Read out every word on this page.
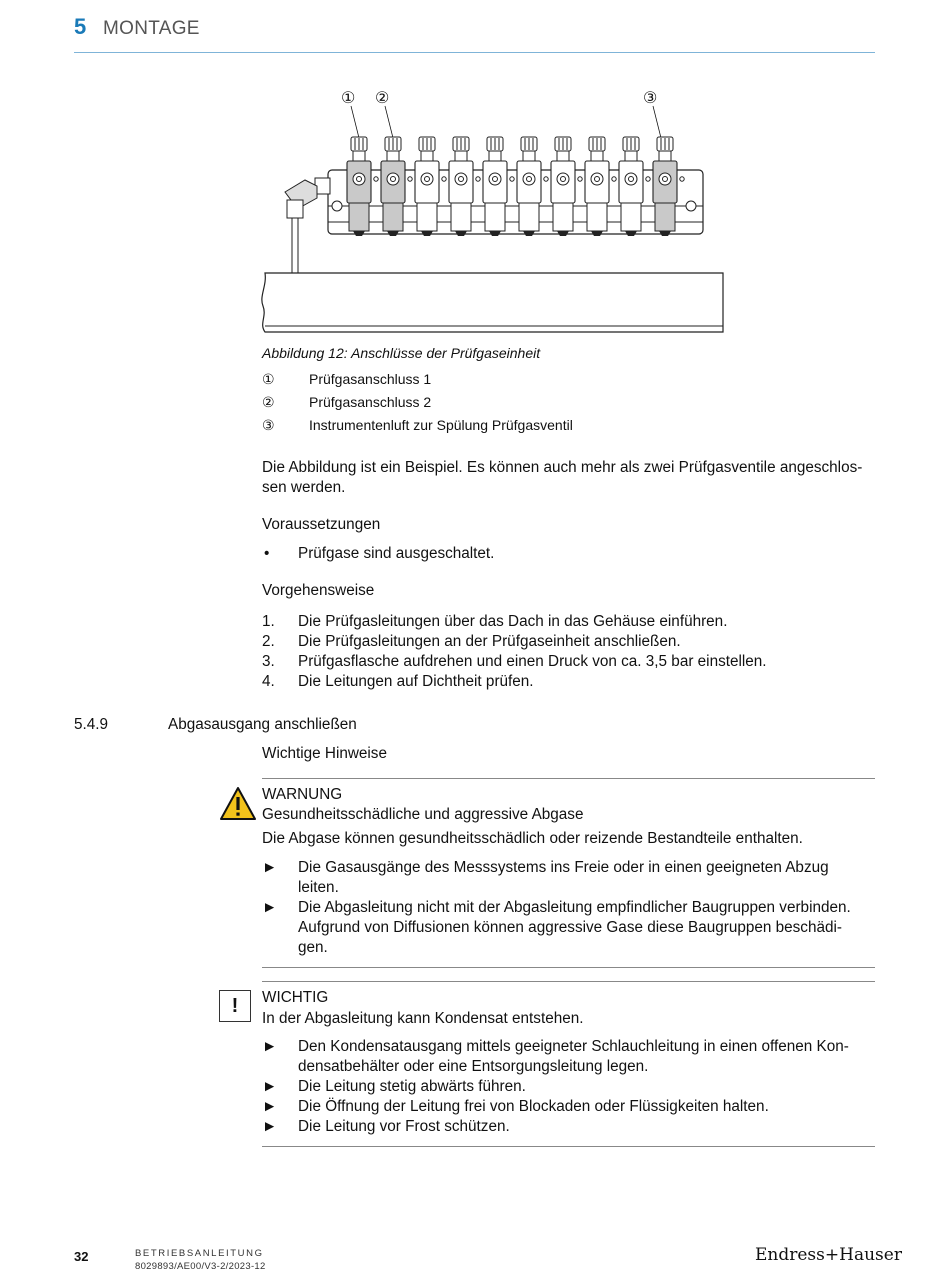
5 MONTAGE
① ②	③
Abbildung 12: Anschlüsse der Prüfgaseinheit
①	Prüfgasanschluss 1
②	Prüfgasanschluss 2
③	Instrumentenluft zur Spülung Prüfgasventil
Die Abbildung ist ein Beispiel. Es können auch mehr als zwei Prüfgasventile angeschlos-
sen werden.
Voraussetzungen
• Prüfgase sind ausgeschaltet.
Vorgehensweise
1. Die Prüfgasleitungen über das Dach in das Gehäuse einführen.
2. Die Prüfgasleitungen an der Prüfgaseinheit anschließen.
3. Prüfgasflasche aufdrehen und einen Druck von ca. 3,5 bar einstellen.
4. Die Leitungen auf Dichtheit prüfen.
5.4.9	Abgasausgang anschließen
Wichtige Hinweise
WARNUNG
Gesundheitsschädliche und aggressive Abgase
Die Abgase können gesundheitsschädlich oder reizende Bestandteile enthalten.
► Die Gasausgänge des Messsystems ins Freie oder in einen geeigneten Abzug
leiten.
► Die Abgasleitung nicht mit der Abgasleitung empfindlicher Baugruppen verbinden.
Aufgrund von Diffusionen können aggressive Gase diese Baugruppen beschädi-
gen.
!	WICHTIG
In der Abgasleitung kann Kondensat entstehen.
► Den Kondensatausgang mittels geeigneter Schlauchleitung in einen offenen Kon-
densatbehälter oder eine Entsorgungsleitung legen.
► Die Leitung stetig abwärts führen.
► Die Öffnung der Leitung frei von Blockaden oder Flüssigkeiten halten.
► Die Leitung vor Frost schützen.
32	BETRIEBSANLEITUNG
8029893/AE00/V3-2/2023-12
Endress+Hauser
